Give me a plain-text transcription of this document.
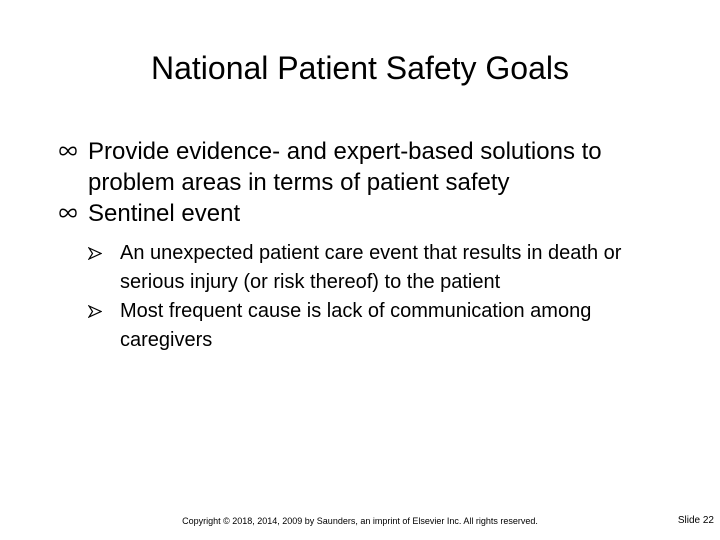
National Patient Safety Goals
Provide evidence- and expert-based solutions to problem areas in terms of patient safety
Sentinel event
An unexpected patient care event that results in death or serious injury (or risk thereof) to the patient
Most frequent cause is lack of communication among caregivers
Copyright © 2018, 2014, 2009 by Saunders, an imprint of Elsevier Inc. All rights reserved.	Slide 22
